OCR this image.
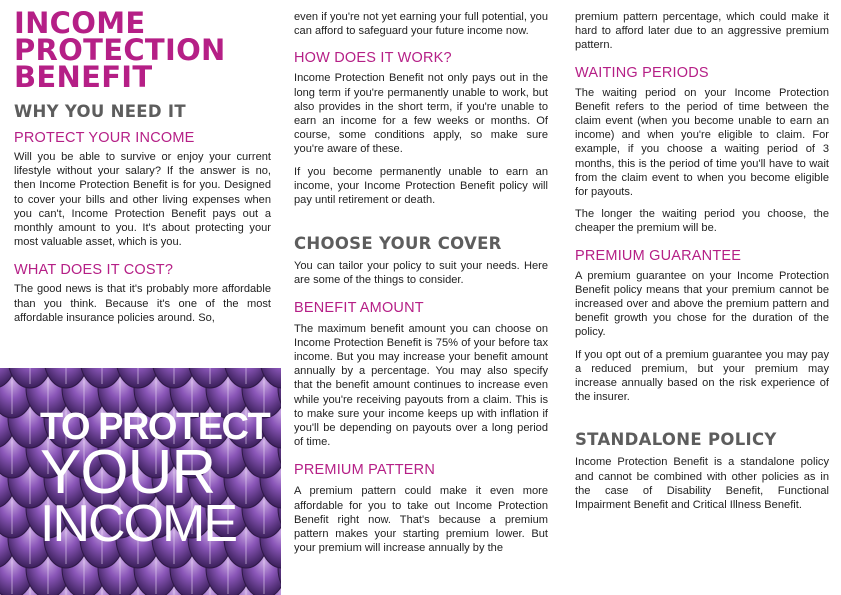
INCOME
PROTECTION
BENEFIT
WHY YOU NEED IT
PROTECT YOUR INCOME

Will you be able to survive or enjoy your current lifestyle without your salary? If the answer is no, then Income Protection Benefit is for you. Designed to cover your bills and other living expenses when you can't, Income Protection Benefit pays out a monthly amount to you. It's about protecting your most valuable asset, which is you.

WHAT DOES IT COST?

The good news is that it's probably more affordable than you think. Because it's one of the most affordable insurance policies around. So,

TO PROTECT
YOUR
INCOME

even if you're not yet earning your full potential, you can afford to safeguard your future income now.

HOW DOES IT WORK?

Income Protection Benefit not only pays out in the long term if you're permanently unable to work, but also provides in the short term, if you're unable to earn an income for a few weeks or months. Of course, some conditions apply, so make sure you're aware of these.

If you become permanently unable to earn an income, your Income Protection Benefit policy will pay until retirement or death.

CHOOSE YOUR COVER

You can tailor your policy to suit your needs. Here are some of the things to consider.

BENEFIT AMOUNT

The maximum benefit amount you can choose on Income Protection Benefit is 75% of your before tax income. But you may increase your benefit amount annually by a percentage. You may also specify that the benefit amount continues to increase even while you're receiving payouts from a claim. This is to make sure your income keeps up with inflation if you'll be depending on payouts over a long period of time.

PREMIUM PATTERN

A premium pattern could make it even more affordable for you to take out Income Protection Benefit right now. That's because a premium pattern makes your starting premium lower. But your premium will increase annually by the

premium pattern percentage, which could make it hard to afford later due to an aggressive premium pattern.

WAITING PERIODS

The waiting period on your Income Protection Benefit refers to the period of time between the claim event (when you become unable to earn an income) and when you're eligible to claim. For example, if you choose a waiting period of 3 months, this is the period of time you'll have to wait from the claim event to when you become eligible for payouts.

The longer the waiting period you choose, the cheaper the premium will be.

PREMIUM GUARANTEE

A premium guarantee on your Income Protection Benefit policy means that your premium cannot be increased over and above the premium pattern and benefit growth you chose for the duration of the policy.

If you opt out of a premium guarantee you may pay a reduced premium, but your premium may increase annually based on the risk experience of the insurer.

STANDALONE POLICY

Income Protection Benefit is a standalone policy and cannot be combined with other policies as in the case of Disability Benefit, Functional Impairment Benefit and Critical Illness Benefit.
